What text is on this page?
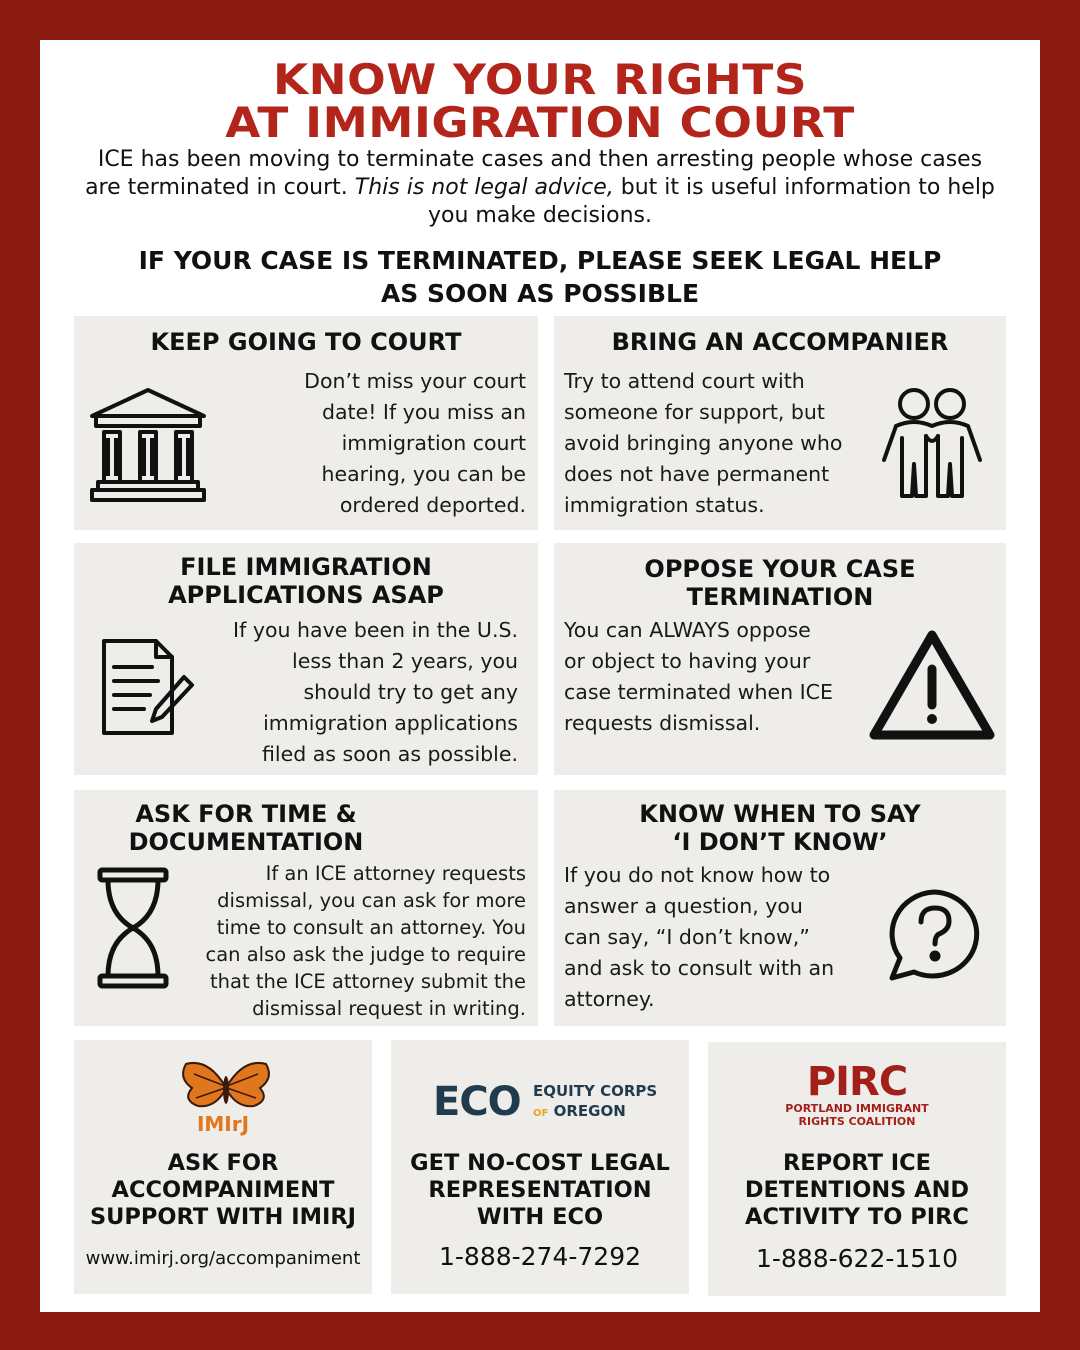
KNOW YOUR RIGHTS
AT IMMIGRATION COURT
ICE has been moving to terminate cases and then arresting people whose cases are terminated in court. This is not legal advice, but it is useful information to help you make decisions.
IF YOUR CASE IS TERMINATED, PLEASE SEEK LEGAL HELP
AS SOON AS POSSIBLE
KEEP GOING TO COURT
Don’t miss your court
date! If you miss an
immigration court
hearing, you can be
ordered deported.
BRING AN ACCOMPANIER
Try to attend court with
someone for support, but
avoid bringing anyone who
does not have permanent
immigration status.
FILE IMMIGRATION
APPLICATIONS ASAP
If you have been in the U.S.
less than 2 years, you
should try to get any
immigration applications
filed as soon as possible.
OPPOSE YOUR CASE
TERMINATION
You can ALWAYS oppose
or object to having your
case terminated when ICE
requests dismissal.
ASK FOR TIME &
DOCUMENTATION
If an ICE attorney requests
dismissal, you can ask for more
time to consult an attorney. You
can also ask the judge to require
that the ICE attorney submit the
dismissal request in writing.
KNOW WHEN TO SAY
‘I DON’T KNOW’
If you do not know how to
answer a question, you
can say, “I don’t know,”
and ask to consult with an
attorney.
IMIrJ
ASK FOR
ACCOMPANIMENT
SUPPORT WITH IMIRJ
www.imirj.org/accompaniment
ECO EQUITY CORPS
OF OREGON
GET NO-COST LEGAL
REPRESENTATION
WITH ECO
1-888-274-7292
PIRC
PORTLAND IMMIGRANT
RIGHTS COALITION
REPORT ICE
DETENTIONS AND
ACTIVITY TO PIRC
1-888-622-1510
